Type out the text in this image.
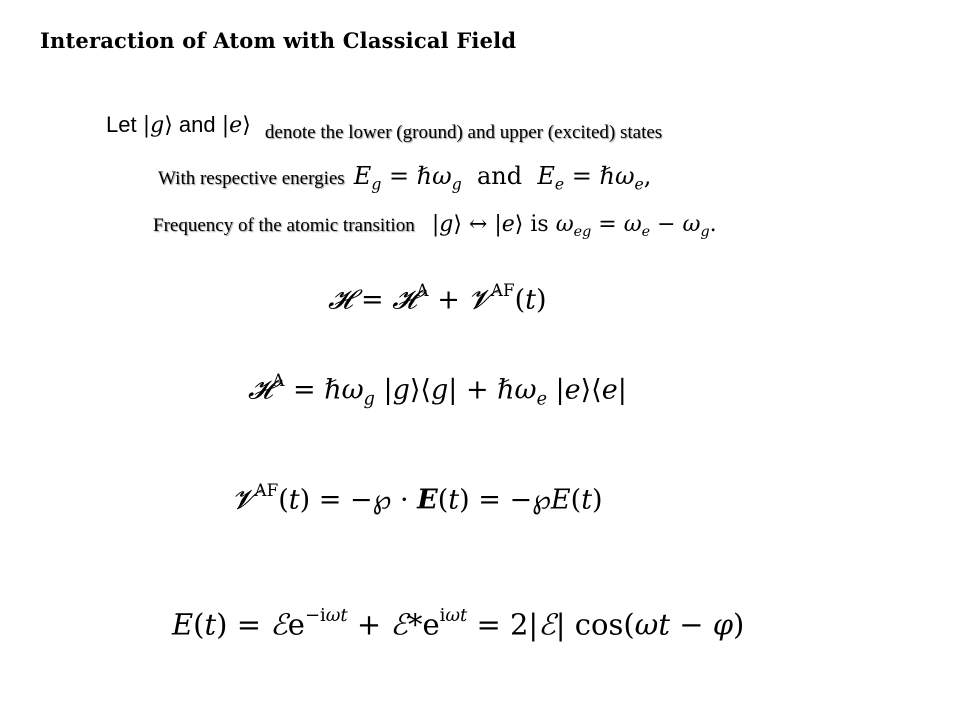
Interaction of Atom with Classical Field
Let |g⟩ and |e⟩ denote the lower (ground) and upper (excited) states
With respective energies $E_g$ = ℏω$_g$  and  $E_e$ = ℏω$_e$,
Frequency of the atomic transition |g⟩ ↔ |e⟩ is $\omega_{eg} = \omega_e - \omega_g$.
𝓗 = 𝓗$^A$ + 𝓥$^{AF}$(t)
𝓗$^A$ = ℏω$_g$ |g⟩⟨g| + ℏω$_e$ |e⟩⟨e|
𝓥$^{AF}$(t) = −℘ · E(t) = −℘E(t)
E(t) = ℰe$^{-i\omega t}$ + $ℰ*e^{i\omega t}$ = 2|ℰ| cos(ωt − φ)
